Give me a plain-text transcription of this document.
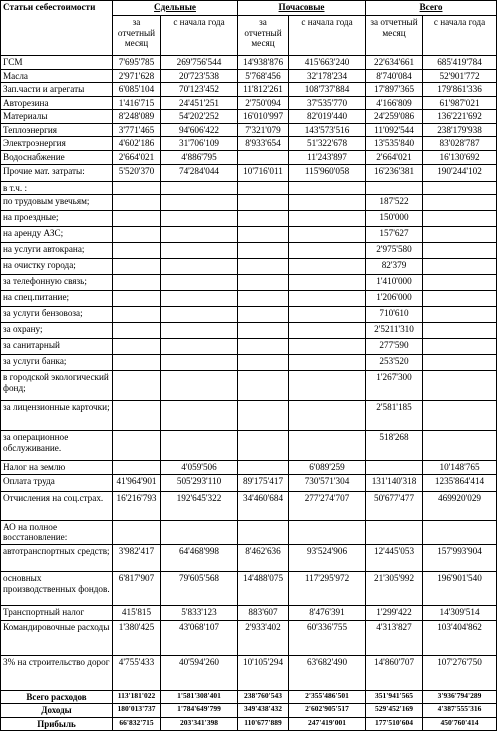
Статьи себестоимости	Сдельные		Почасовые		Всего	
	за отчетный месяц	с начала года	за отчетный месяц	с начала года	за отчетный месяц	с начала года
ГСМ	7'695'785	269'756'544	14'938'876	415'663'240	22'634'661	685'419'784
Масла	2'971'628	20'723'538	5'768'456	32'178'234	8'740'084	52'901'772
Зап.части и агрегаты	6'085'104	70'123'452	11'812'261	108'737'884	17'897'365	179'861'336
Авторезина	1'416'715	24'451'251	2'750'094	37'535'770	4'166'809	61'987'021
Материалы	8'248'089	54'202'252	16'010'997	82'019'440	24'259'086	136'221'692
Теплоэнергия	3'771'465	94'606'422	7'321'079	143'573'516	11'092'544	238'179'938
Электроэнергия	4'602'186	31'706'109	8'933'654	51'322'678	13'535'840	83'028'787
Водоснабжение	2'664'021	4'886'795		11'243'897	2'664'021	16'130'692
Прочие мат. затраты:	5'520'370	74'284'044	10'716'011	115'960'058	16'236'381	190'244'102
в т.ч. :						
по трудовым увечьям;					187'522	
на проездные;					150'000	
на аренду АЗС;					157'627	
на услуги автокрана;					2'975'580	
на очистку города;					82'379	
за телефонную связь;					1'410'000	
на спец.питание;					1'206'000	
за услуги бензовоза;					710'610	
за охрану;					2'5211'310	
за санитарный					277'590	
за услуги банка;					253'520	
в городской экологический фонд;					1'267'300	
за лицензионные карточки;					2'581'185	
за операционное обслуживание.					518'268	
Налог на землю		4'059'506		6'089'259		10'148'765
Оплата труда	41'964'901	505'293'110	89'175'417	730'571'304	131'140'318	1235'864'414
Отчисления на соц.страх.	16'216'793	192'645'322	34'460'684	277'274'707	50'677'477	469920'029
АО на полное восстановление:						
автотранспортных средств;	3'982'417	64'468'998	8'462'636	93'524'906	12'445'053	157'993'904
основных производственных фондов.	6'817'907	79'605'568	14'488'075	117'295'972	21'305'992	196'901'540
Транспортный налог	415'815	5'833'123	883'607	8'476'391	1'299'422	14'309'514
Командировочные расходы	1'380'425	43'068'107	2'933'402	60'336'755	4'313'827	103'404'862
3% на строительство дорог	4'755'433	40'594'260	10'105'294	63'682'490	14'860'707	107'276'750
Всего расходов	113'181'022	1'581'308'401	238'760'543	2'355'486'501	351'941'565	3'936'794'289
Доходы	180'013'737	1'784'649'799	349'438'432	2'602'905'517	529'452'169	4'387'555'316
Прибыль	66'832'715	203'341'398	110'677'889	247'419'001	177'510'604	450'760'414
